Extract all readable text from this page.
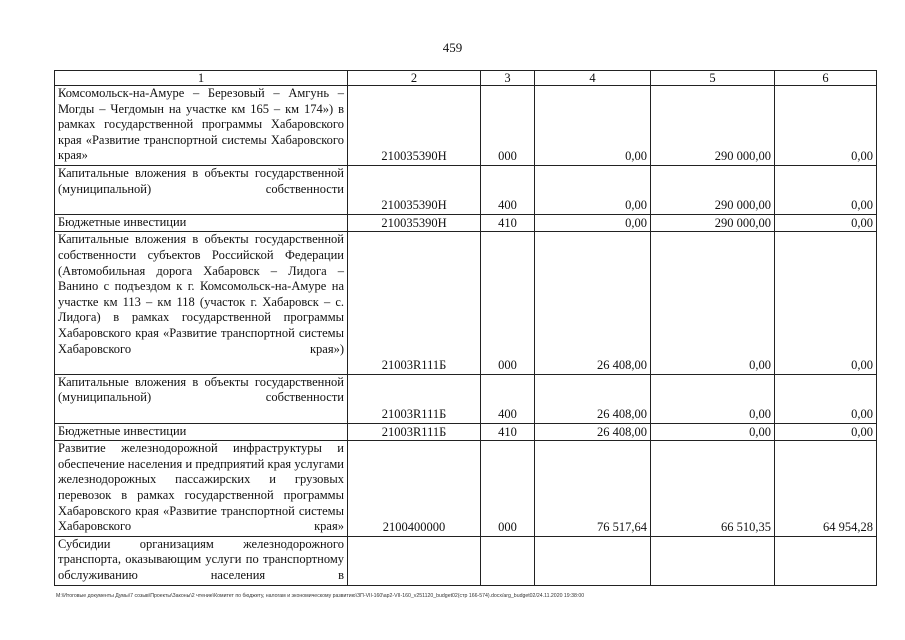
459
1	2	3	4	5	6
Комсомольск-на-Амуре – Березовый – Амгунь – Могды – Чегдомын на участке км 165 – км 174») в рамках государственной программы Хабаровского края «Развитие транспортной системы Хабаровского края»	210035390Н	000	0,00	290 000,00	0,00
Капитальные вложения в объекты государственной (муниципальной) собственности	210035390Н	400	0,00	290 000,00	0,00
Бюджетные инвестиции	210035390Н	410	0,00	290 000,00	0,00
Капитальные вложения в объекты государственной собственности субъектов Российской Федерации (Автомобильная дорога Хабаровск – Лидога – Ванино с подъездом к г. Комсомольск-на-Амуре на участке км 113 – км 118 (участок г. Хабаровск – с. Лидога) в рамках государственной программы Хабаровского края «Развитие транспортной системы Хабаровского края»)	21003R111Б	000	26 408,00	0,00	0,00
Капитальные вложения в объекты государственной (муниципальной) собственности	21003R111Б	400	26 408,00	0,00	0,00
Бюджетные инвестиции	21003R111Б	410	26 408,00	0,00	0,00
Развитие железнодорожной инфраструктуры и обеспечение населения и предприятий края услугами железнодорожных пассажирских и грузовых перевозок в рамках государственной программы Хабаровского края «Развитие транспортной системы Хабаровского края»	2100400000	000	76 517,64	66 510,35	64 954,28
Субсидии организациям железнодорожного транспорта, оказывающим услуги по транспортному обслуживанию населения в					
М:\Итоговые документы Думы\7 созыв\Проекты\Законы\2 чтение\Комитет по бюджету, налогам и экономическому развитию\ЗП-VII-160\ар2-VII-160_v251120_budget02(стр 166-574).docx/arg_budget02/24.11.2020 19:38:00
